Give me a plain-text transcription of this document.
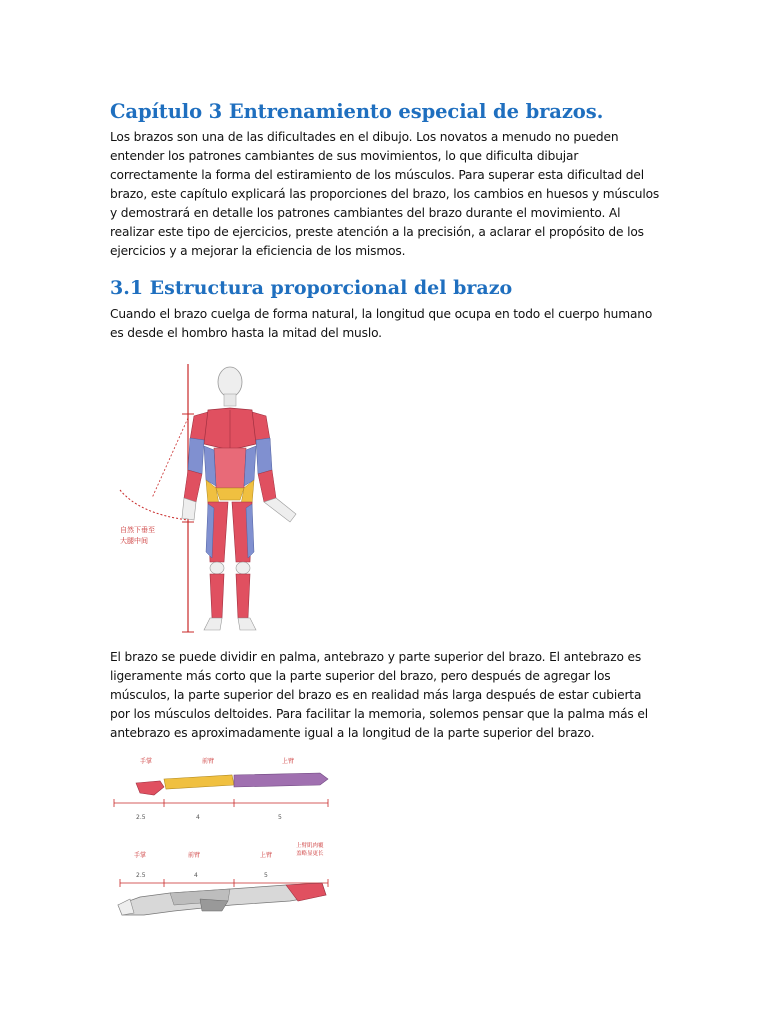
Capítulo 3 Entrenamiento especial de brazos.

Los brazos son una de las dificultades en el dibujo. Los novatos a menudo no pueden entender los patrones cambiantes de sus movimientos, lo que dificulta dibujar correctamente la forma del estiramiento de los músculos. Para superar esta dificultad del brazo, este capítulo explicará las proporciones del brazo, los cambios en huesos y músculos y demostrará en detalle los patrones cambiantes del brazo durante el movimiento. Al realizar este tipo de ejercicios, preste atención a la precisión, a aclarar el propósito de los ejercicios y a mejorar la eficiencia de los mismos.

3.1 Estructura proporcional del brazo

Cuando el brazo cuelga de forma natural, la longitud que ocupa en todo el cuerpo humano es desde el hombro hasta la mitad del muslo.

自然下垂至
大腿中间

El brazo se puede dividir en palma, antebrazo y parte superior del brazo. El antebrazo es ligeramente más corto que la parte superior del brazo, pero después de agregar los músculos, la parte superior del brazo es en realidad más larga después de estar cubierta por los músculos deltoides. Para facilitar la memoria, solemos pensar que la palma más el antebrazo es aproximadamente igual a la longitud de la parte superior del brazo.

手掌	前臂	上臂
2.5	4	5
手掌	前臂	上臂
上臂肌肉覆
盖略显更长
2.5	4	5
